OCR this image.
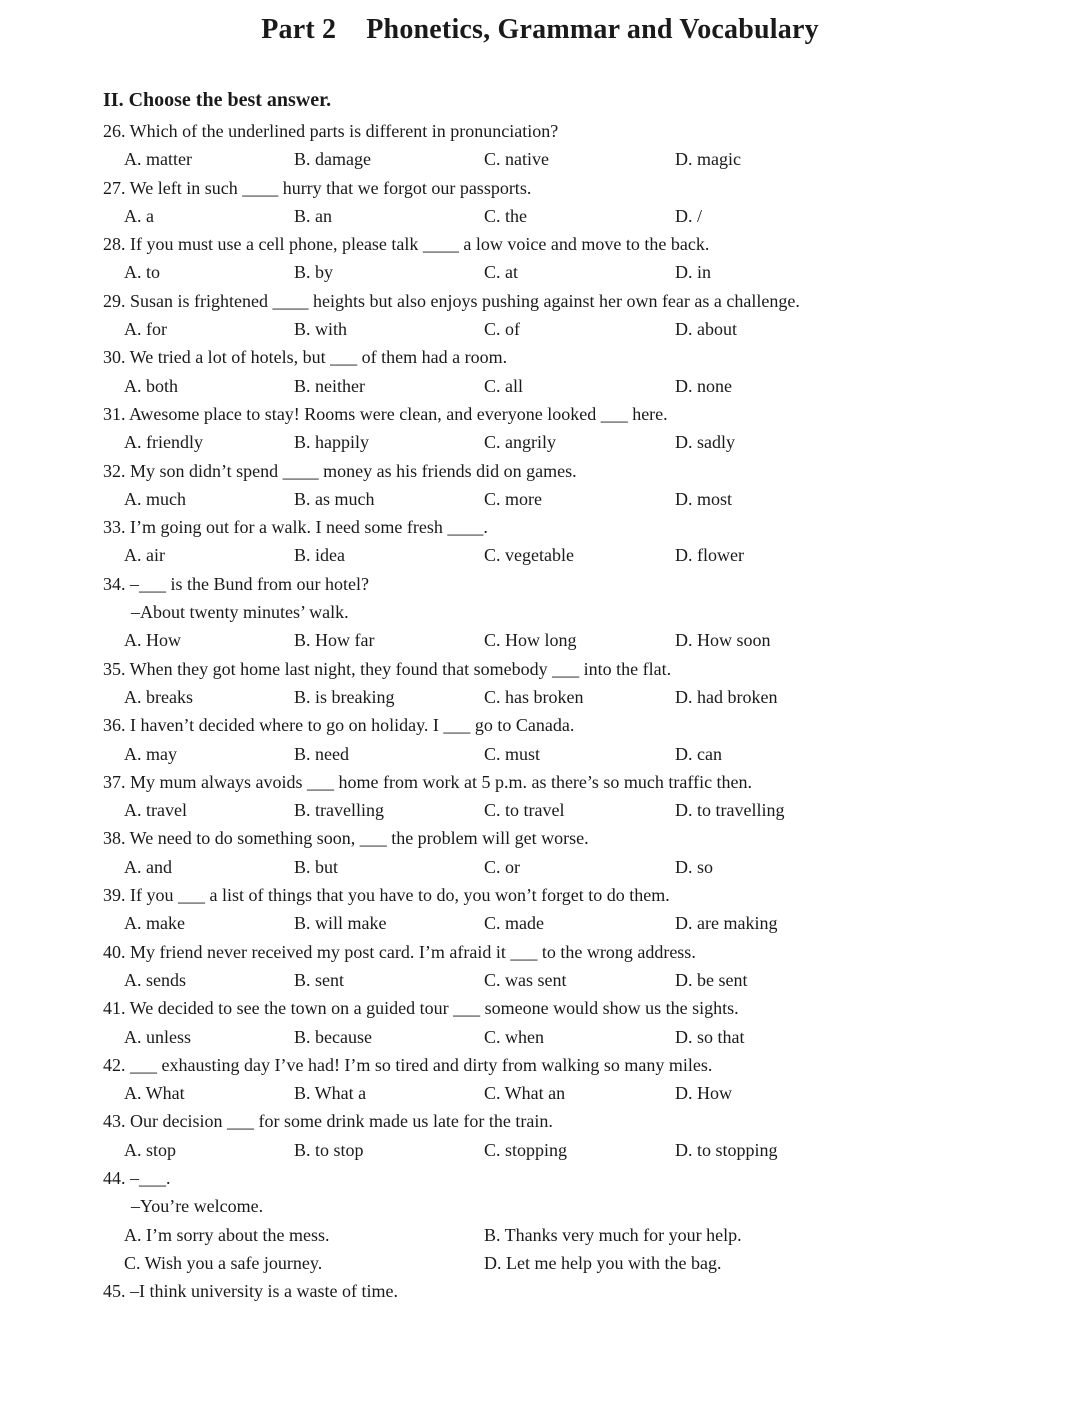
Part 2 Phonetics, Grammar and Vocabulary
II. Choose the best answer.
26. Which of the underlined parts is different in pronunciation?
A. matter	B. damage	C. native	D. magic
27. We left in such ____ hurry that we forgot our passports.
A. a	B. an	C. the	D. /
28. If you must use a cell phone, please talk ____ a low voice and move to the back.
A. to	B. by	C. at	D. in
29. Susan is frightened ____ heights but also enjoys pushing against her own fear as a challenge.
A. for	B. with	C. of	D. about
30. We tried a lot of hotels, but ___ of them had a room.
A. both	B. neither	C. all	D. none
31. Awesome place to stay! Rooms were clean, and everyone looked ___ here.
A. friendly	B. happily	C. angrily	D. sadly
32. My son didn’t spend ____ money as his friends did on games.
A. much	B. as much	C. more	D. most
33. I’m going out for a walk. I need some fresh ____.
A. air	B. idea	C. vegetable	D. flower
34. –___ is the Bund from our hotel?
–About twenty minutes’ walk.
A. How	B. How far	C. How long	D. How soon
35. When they got home last night, they found that somebody ___ into the flat.
A. breaks	B. is breaking	C. has broken	D. had broken
36. I haven’t decided where to go on holiday. I ___ go to Canada.
A. may	B. need	C. must	D. can
37. My mum always avoids ___ home from work at 5 p.m. as there’s so much traffic then.
A. travel	B. travelling	C. to travel	D. to travelling
38. We need to do something soon, ___ the problem will get worse.
A. and	B. but	C. or	D. so
39. If you ___ a list of things that you have to do, you won’t forget to do them.
A. make	B. will make	C. made	D. are making
40. My friend never received my post card. I’m afraid it ___ to the wrong address.
A. sends	B. sent	C. was sent	D. be sent
41. We decided to see the town on a guided tour ___ someone would show us the sights.
A. unless	B. because	C. when	D. so that
42. ___ exhausting day I’ve had! I’m so tired and dirty from walking so many miles.
A. What	B. What a	C. What an	D. How
43. Our decision ___ for some drink made us late for the train.
A. stop	B. to stop	C. stopping	D. to stopping
44. –___.
–You’re welcome.
A. I’m sorry about the mess.	B. Thanks very much for your help.
C. Wish you a safe journey.	D. Let me help you with the bag.
45. –I think university is a waste of time.
